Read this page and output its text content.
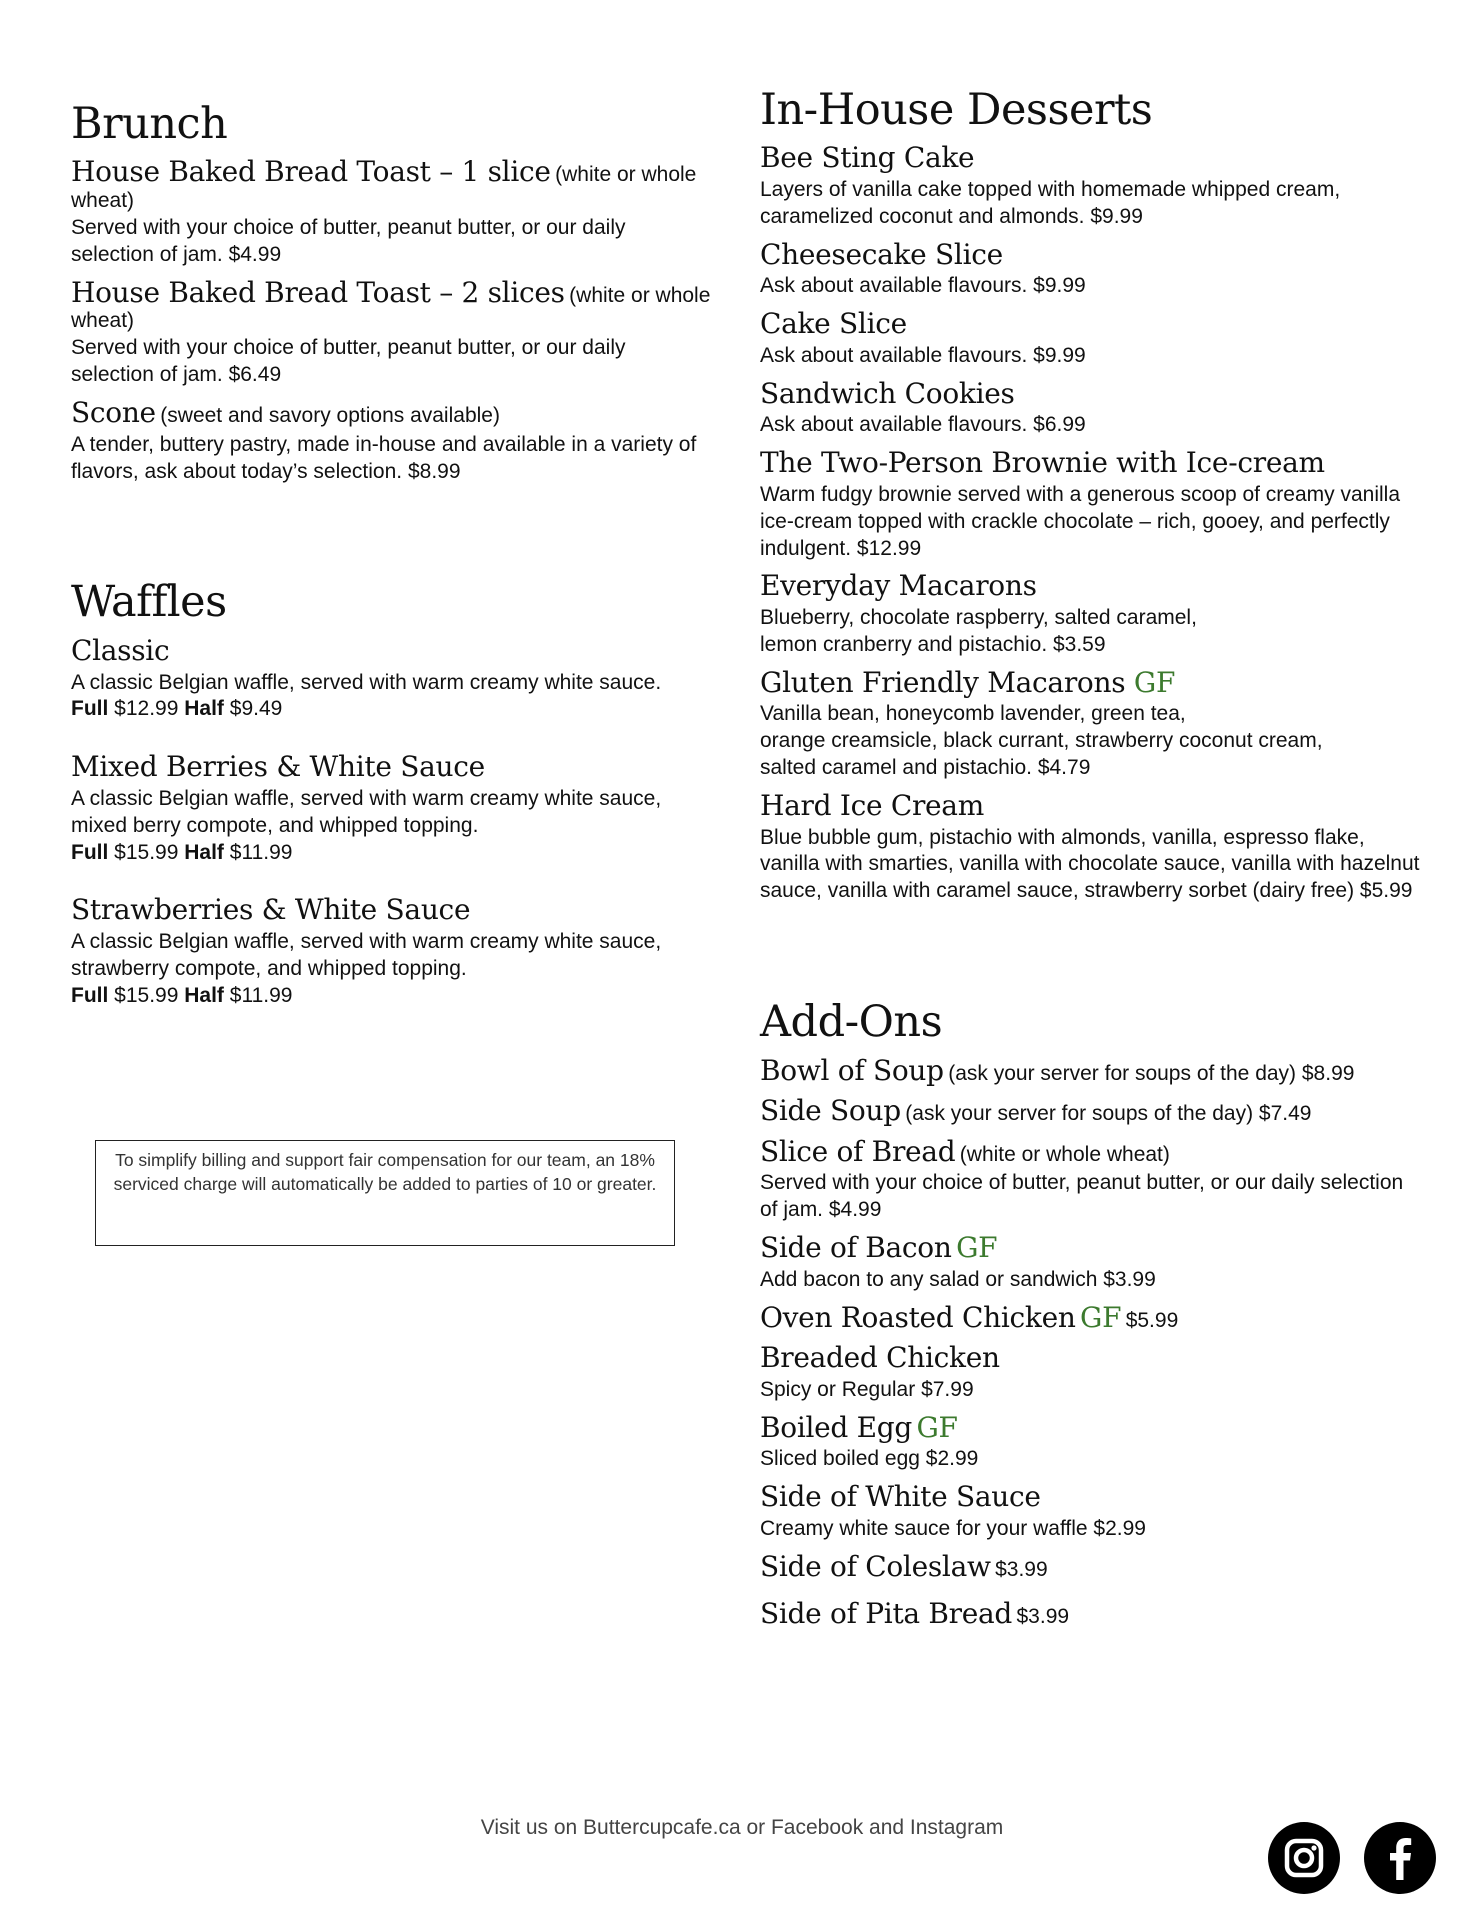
Brunch
House Baked Bread Toast – 1 slice (white or whole wheat)
Served with your choice of butter, peanut butter, or our daily selection of jam. $4.99
House Baked Bread Toast – 2 slices (white or whole wheat)
Served with your choice of butter, peanut butter, or our daily selection of jam. $6.49
Scone (sweet and savory options available)
A tender, buttery pastry, made in-house and available in a variety of flavors, ask about today’s selection. $8.99
Waffles
Classic
A classic Belgian waffle, served with warm creamy white sauce.
Full $12.99 Half $9.49
Mixed Berries & White Sauce
A classic Belgian waffle, served with warm creamy white sauce, mixed berry compote, and whipped topping.
Full $15.99 Half $11.99
Strawberries & White Sauce
A classic Belgian waffle, served with warm creamy white sauce, strawberry compote, and whipped topping.
Full $15.99 Half $11.99
To simplify billing and support fair compensation for our team, an 18% serviced charge will automatically be added to parties of 10 or greater.
In-House Desserts
Bee Sting Cake
Layers of vanilla cake topped with homemade whipped cream, caramelized coconut and almonds. $9.99
Cheesecake Slice
Ask about available flavours. $9.99
Cake Slice
Ask about available flavours. $9.99
Sandwich Cookies
Ask about available flavours. $6.99
The Two-Person Brownie with Ice-cream
Warm fudgy brownie served with a generous scoop of creamy vanilla ice-cream topped with crackle chocolate – rich, gooey, and perfectly indulgent. $12.99
Everyday Macarons
Blueberry, chocolate raspberry, salted caramel,
lemon cranberry and pistachio. $3.59
Gluten Friendly Macarons GF
Vanilla bean, honeycomb lavender, green tea,
orange creamsicle, black currant, strawberry coconut cream,
salted caramel and pistachio. $4.79
Hard Ice Cream
Blue bubble gum, pistachio with almonds, vanilla, espresso flake, vanilla with smarties, vanilla with chocolate sauce, vanilla with hazelnut sauce, vanilla with caramel sauce, strawberry sorbet (dairy free) $5.99
Add-Ons
Bowl of Soup (ask your server for soups of the day) $8.99
Side Soup (ask your server for soups of the day) $7.49
Slice of Bread (white or whole wheat)
Served with your choice of butter, peanut butter, or our daily selection of jam. $4.99
Side of Bacon GF
Add bacon to any salad or sandwich $3.99
Oven Roasted Chicken GF $5.99
Breaded Chicken
Spicy or Regular $7.99
Boiled Egg GF
Sliced boiled egg $2.99
Side of White Sauce
Creamy white sauce for your waffle $2.99
Side of Coleslaw $3.99
Side of Pita Bread $3.99
Visit us on Buttercupcafe.ca or Facebook and Instagram
